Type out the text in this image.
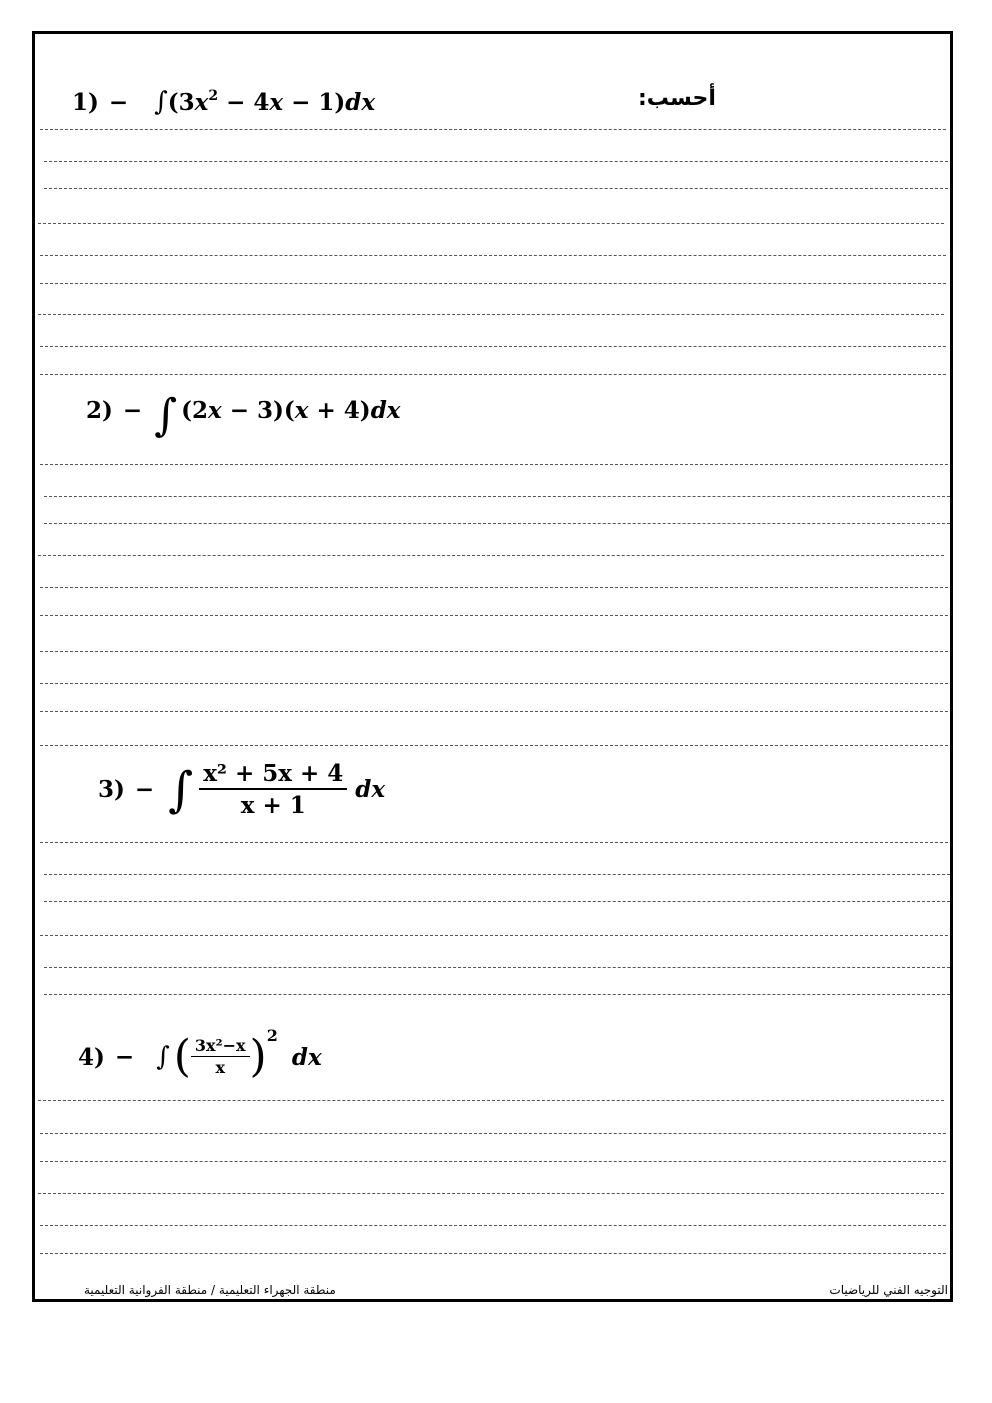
أحسب:
$1) - \int(3x^2 - 4x - 1)dx$
2) − ∫ (2x − 3)(x + 4)dx
3) − ∫ $\frac{\text{x² + 5x + 4}}{x + 1}$ dx
4) − ∫( $\frac{\text{3x²−x}}{x} )^2$ dx
منطقة الجهراء التعليمية / منطقة الفروانية التعليمية	التوجيه الفني للرياضيات
